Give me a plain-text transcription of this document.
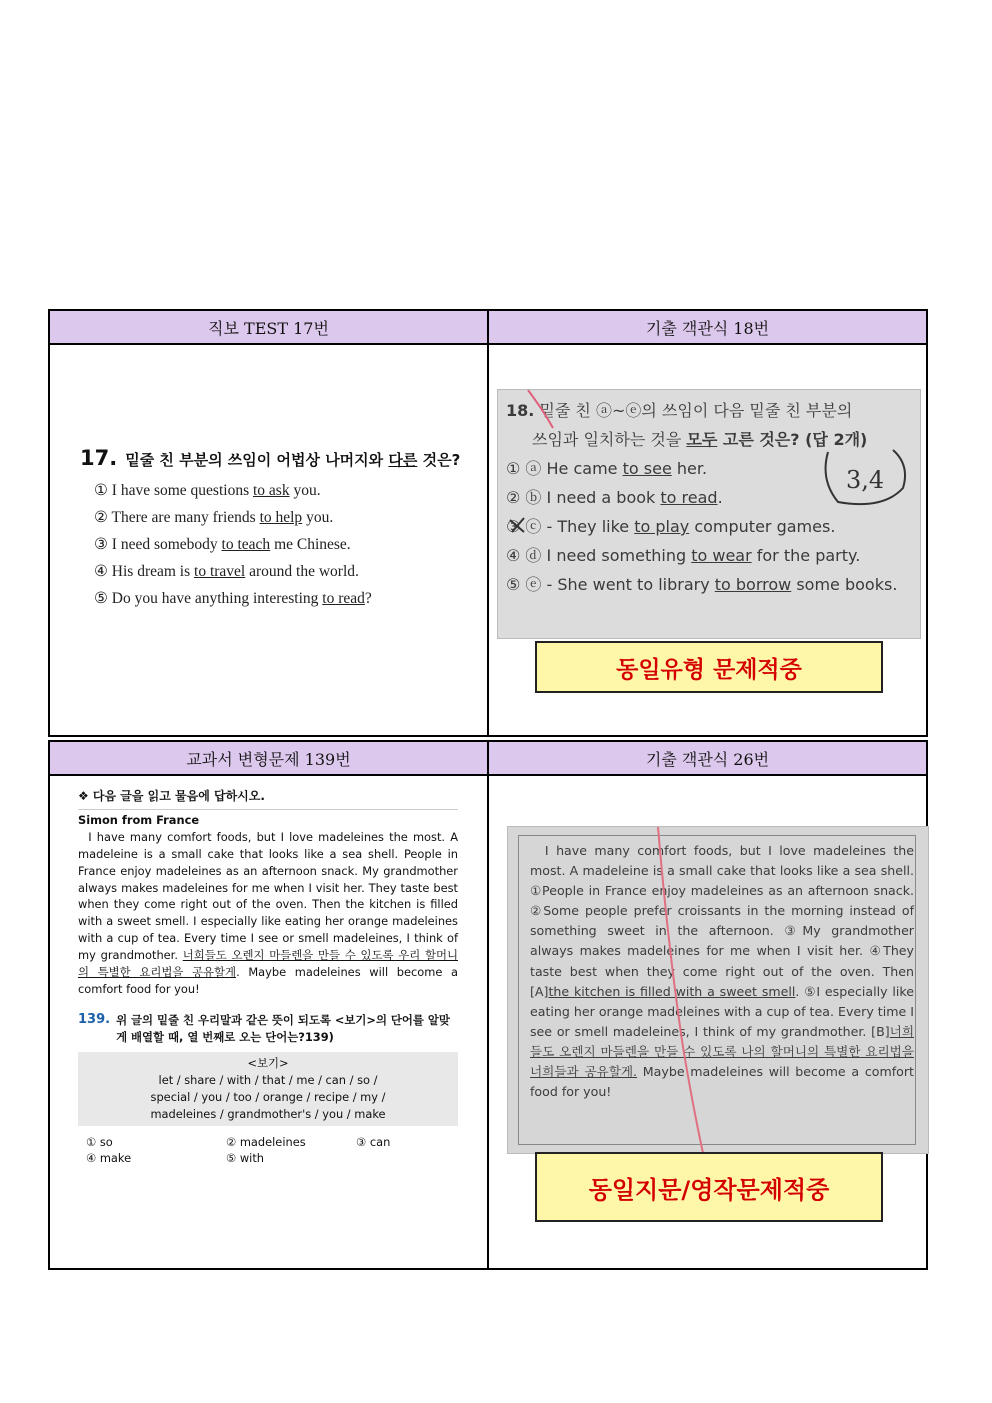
직보 TEST 17번
17. 밑줄 친 부분의 쓰임이 어법상 나머지와 다른 것은?
① I have some questions to ask you.
② There are many friends to help you.
③ I need somebody to teach me Chinese.
④ His dream is to travel around the world.
⑤ Do you have anything interesting to read?
기출 객관식 18번
18. 밑줄 친 ⓐ~ⓔ의 쓰임이 다음 밑줄 친 부분의
쓰임과 일치하는 것을 모두 고른 것은? (답 2개)
① ⓐ He came to see her.
② ⓑ I need a book to read.
③ ⓒ - They like to play computer games.
④ ⓓ I need something to wear for the party.
⑤ ⓔ - She went to library to borrow some books.
3,4
동일유형 문제적중
교과서 변형문제 139번
❖ 다음 글을 읽고 물음에 답하시오.
Simon from France
I have many comfort foods, but I love madeleines the most. A madeleine is a small cake that looks like a sea shell. People in France enjoy madeleines as an afternoon snack. My grandmother always makes madeleines for me when I visit her. They taste best when they come right out of the oven. Then the kitchen is filled with a sweet smell. I especially like eating her orange madeleines with a cup of tea. Every time I see or smell madeleines, I think of my grandmother. 너희들도 오렌지 마들렌을 만들 수 있도록 우리 할머니의 특별한 요리법을 공유할게. Maybe madeleines will become a comfort food for you!
139. 위 글의 밑줄 친 우리말과 같은 뜻이 되도록 <보기>의 단어를 알맞게 배열할 때, 열 번째로 오는 단어는?139)
<보기>
let / share / with / that / me / can / so /
special / you / too / orange / recipe / my /
madeleines / grandmother's / you / make
① so	② madeleines	③ can
④ make	⑤ with
기출 객관식 26번
I have many comfort foods, but I love madeleines the most. A madeleine is a small cake that looks like a sea shell. ①People in France enjoy madeleines as an afternoon snack. ②Some people prefer croissants in the morning instead of something sweet in the afternoon. ③My grandmother always makes madeleines for me when I visit her. ④They taste best when they come right out of the oven. Then [A]the kitchen is filled with a sweet smell. ⑤I especially like eating her orange madeleines with a cup of tea. Every time I see or smell madeleines, I think of my grandmother. [B]너희들도 오렌지 마들렌을 만들 수 있도록 나의 할머니의 특별한 요리법을 너희들과 공유할게. Maybe madeleines will become a comfort food for you!
동일지문/영작문제적중
